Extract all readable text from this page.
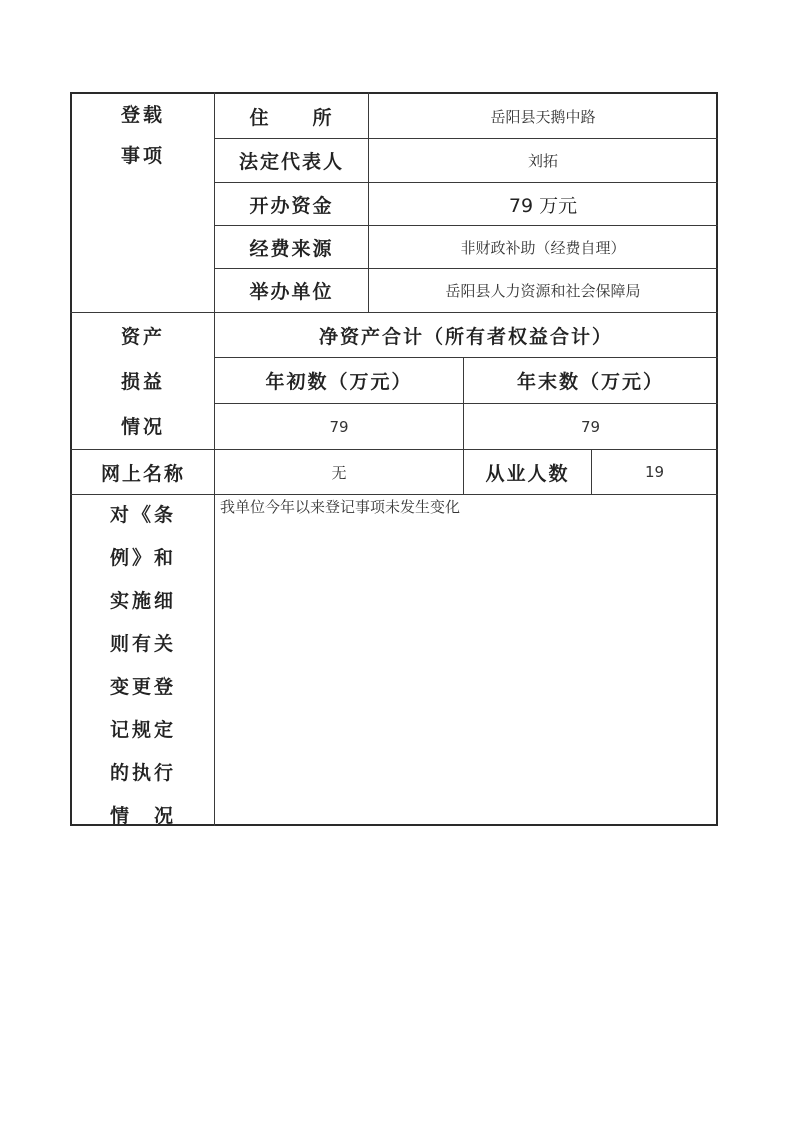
登载
事项
住　　所	岳阳县天鹅中路
法定代表人	刘拓
开办资金	79 万元
经费来源	非财政补助（经费自理）
举办单位	岳阳县人力资源和社会保障局
资产
损益
情况
净资产合计（所有者权益合计）
年初数（万元）	年末数（万元）
79	79
网上名称	无	从业人数	19
对《条
例》和
实施细
则有关
变更登
记规定
的执行
情　况
我单位今年以来登记事项未发生变化
